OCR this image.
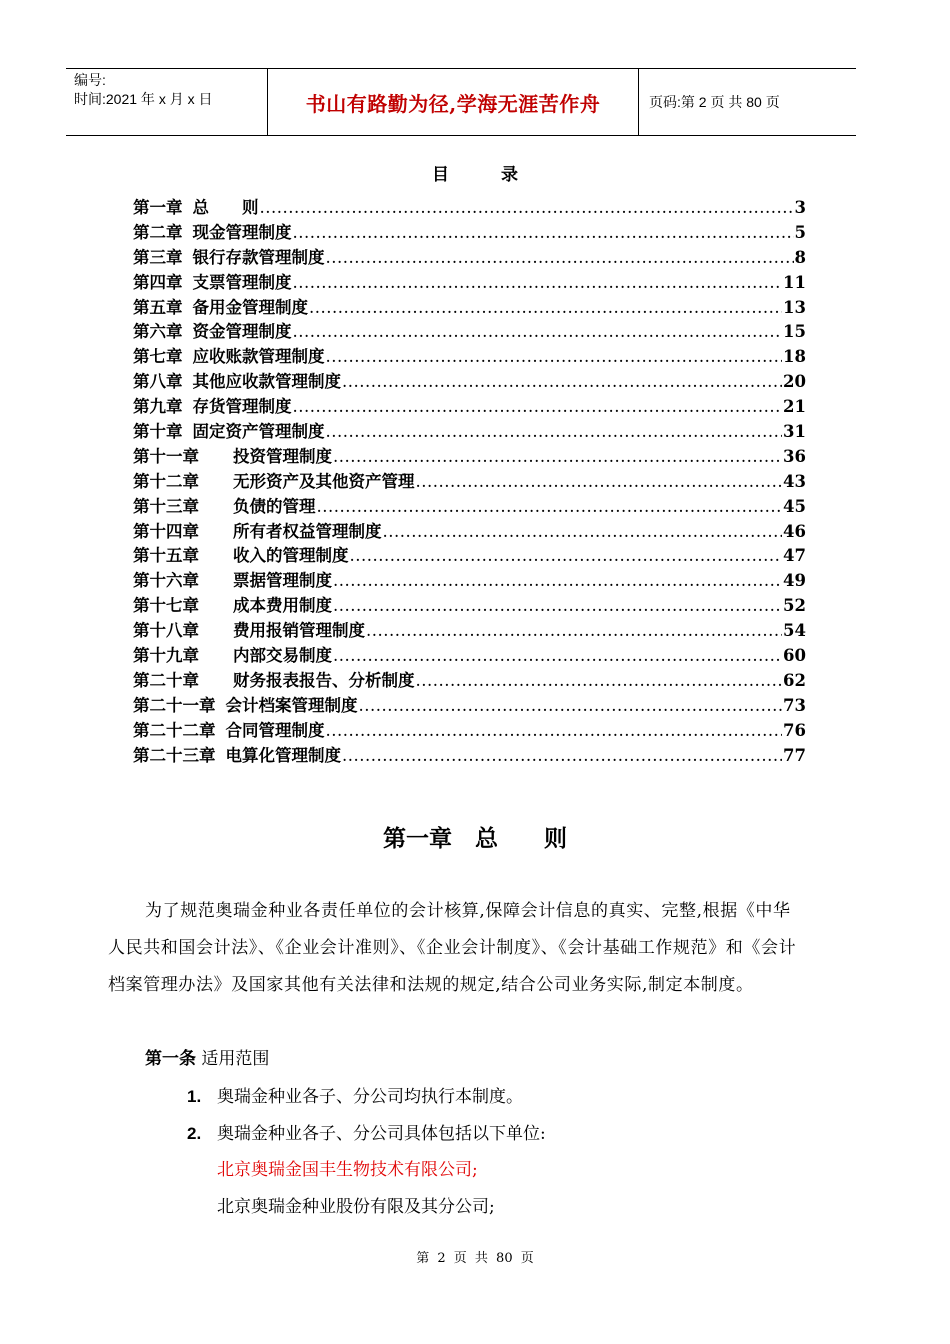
编号:
时间:2021 年 x 月 x 日	书山有路勤为径,学海无涯苦作舟	页码:第 2 页 共 80 页
目	录
第一章 总　　则 .....	3
第二章 现金管理制度 .....	5
第三章 银行存款管理制度 .....	8
第四章 支票管理制度 .....	11
第五章 备用金管理制度 .....	13
第六章 资金管理制度 .....	15
第七章 应收账款管理制度 .....	18
第八章 其他应收款管理制度 .....	20
第九章 存货管理制度 .....	21
第十章 固定资产管理制度 .....	31
第十一章	投资管理制度 .....	36
第十二章	无形资产及其他资产管理 .....	43
第十三章	负债的管理 .....	45
第十四章	所有者权益管理制度 .....	46
第十五章	收入的管理制度 .....	47
第十六章	票据管理制度 .....	49
第十七章	成本费用制度 .....	52
第十八章	费用报销管理制度 .....	54
第十九章	内部交易制度 .....	60
第二十章	财务报表报告、分析制度 .....	62
第二十一章 会计档案管理制度 .....	73
第二十二章 合同管理制度 .....	76
第二十三章 电算化管理制度 .....	77
第一章　总　　则
为了规范奥瑞金种业各责任单位的会计核算,保障会计信息的真实、完整,根据《中华人民共和国会计法》、《企业会计准则》、《企业会计制度》、《会计基础工作规范》和《会计档案管理办法》及国家其他有关法律和法规的规定,结合公司业务实际,制定本制度。
第一条 适用范围
1. 奥瑞金种业各子、分公司均执行本制度。
2. 奥瑞金种业各子、分公司具体包括以下单位:
北京奥瑞金国丰生物技术有限公司;
北京奥瑞金种业股份有限及其分公司;
第 2 页 共 80 页
